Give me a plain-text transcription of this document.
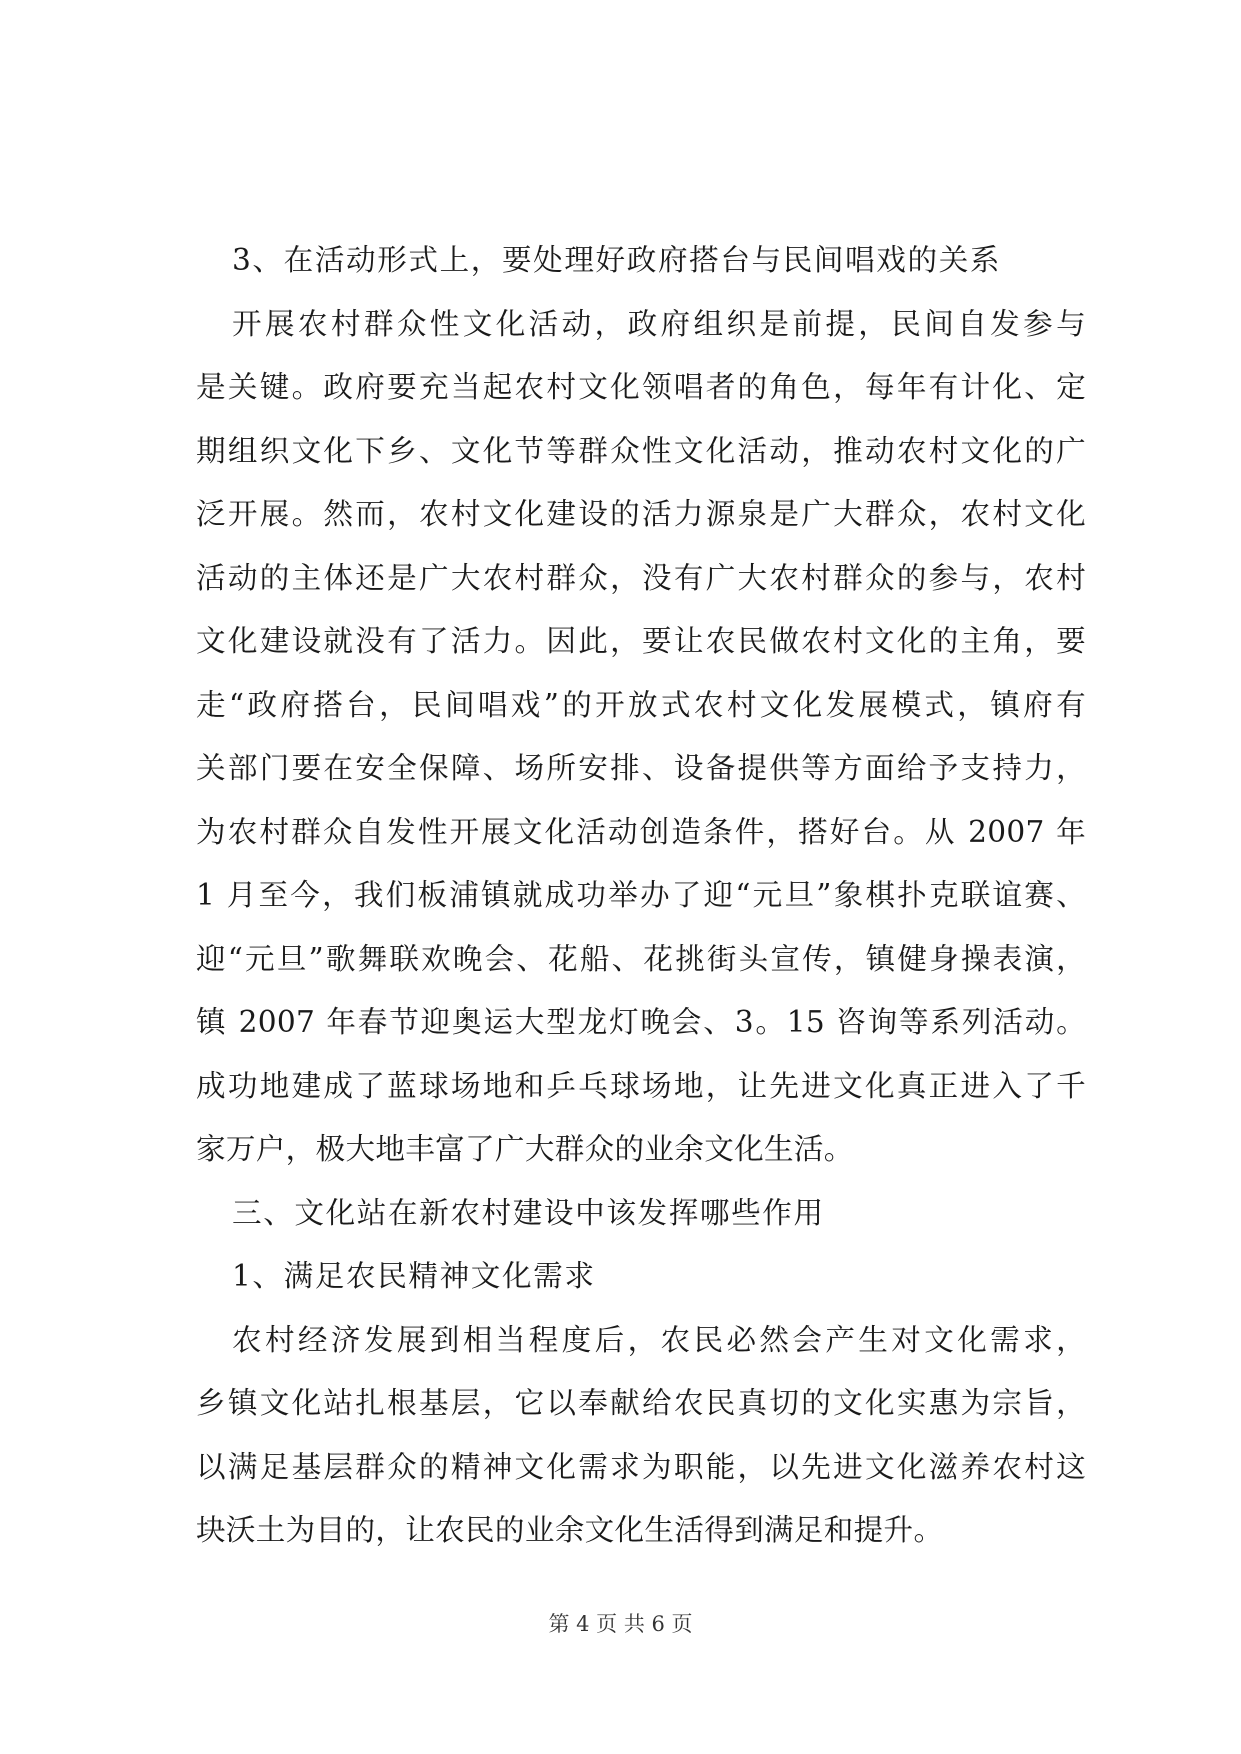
3、在活动形式上，要处理好政府搭台与民间唱戏的关系
开展农村群众性文化活动，政府组织是前提，民间自发参与
是关键。政府要充当起农村文化领唱者的角色，每年有计化、定
期组织文化下乡、文化节等群众性文化活动，推动农村文化的广
泛开展。然而，农村文化建设的活力源泉是广大群众，农村文化
活动的主体还是广大农村群众，没有广大农村群众的参与，农村
文化建设就没有了活力。因此，要让农民做农村文化的主角，要
走“政府搭台，民间唱戏”的开放式农村文化发展模式，镇府有
关部门要在安全保障、场所安排、设备提供等方面给予支持力，
为农村群众自发性开展文化活动创造条件，搭好台。从 2007 年
1 月至今，我们板浦镇就成功举办了迎“元旦”象棋扑克联谊赛、
迎“元旦”歌舞联欢晚会、花船、花挑街头宣传，镇健身操表演，
镇 2007 年春节迎奥运大型龙灯晚会、3。15 咨询等系列活动。
成功地建成了蓝球场地和乒乓球场地，让先进文化真正进入了千
家万户，极大地丰富了广大群众的业余文化生活。
三、文化站在新农村建设中该发挥哪些作用
1、满足农民精神文化需求
农村经济发展到相当程度后，农民必然会产生对文化需求，
乡镇文化站扎根基层，它以奉献给农民真切的文化实惠为宗旨，
以满足基层群众的精神文化需求为职能，以先进文化滋养农村这
块沃土为目的，让农民的业余文化生活得到满足和提升。
第 4 页 共 6 页
